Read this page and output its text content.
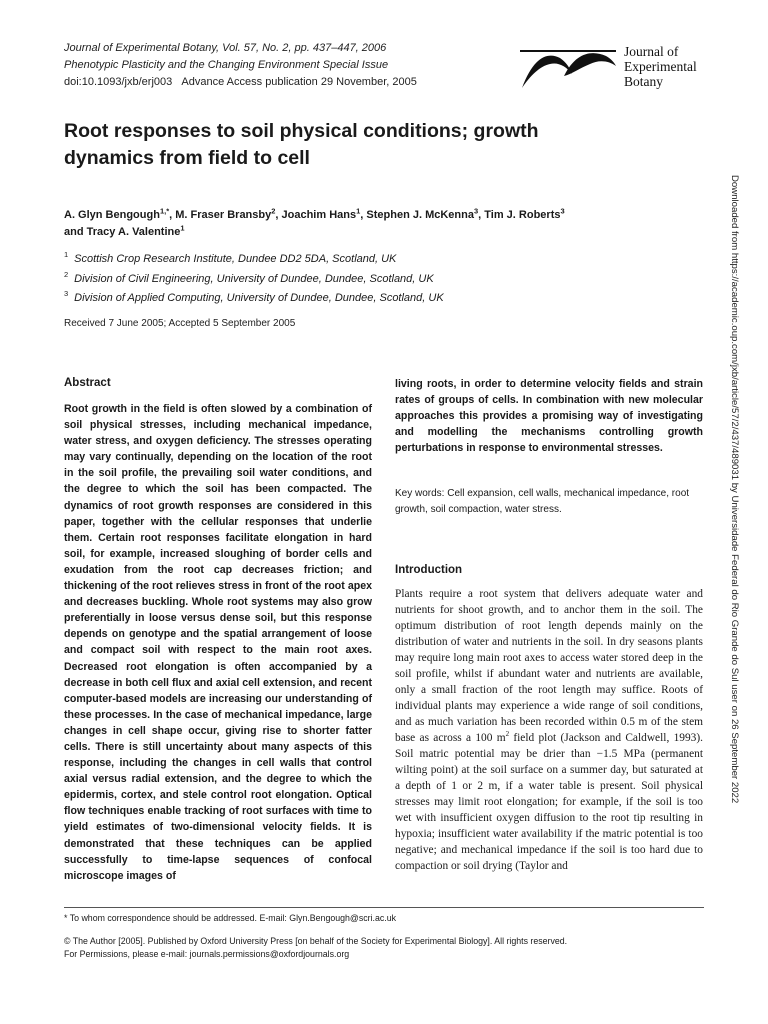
Journal of Experimental Botany, Vol. 57, No. 2, pp. 437–447, 2006
Phenotypic Plasticity and the Changing Environment Special Issue
doi:10.1093/jxb/erj003 Advance Access publication 29 November, 2005
Journal of
Experimental
Botany
Root responses to soil physical conditions; growth
dynamics from field to cell
A. Glyn Bengough$^{1,*}$, M. Fraser Bransby$^2$, Joachim Hans$^1$, Stephen J. McKenna$^3$, Tim J. Roberts$^3$
and Tracy A. Valentine$^1$
$^1$ Scottish Crop Research Institute, Dundee DD2 5DA, Scotland, UK
$^2$ Division of Civil Engineering, University of Dundee, Dundee, Scotland, UK
$^3$ Division of Applied Computing, University of Dundee, Dundee, Scotland, UK
Received 7 June 2005; Accepted 5 September 2005
Abstract
Root growth in the field is often slowed by a combination of soil physical stresses, including mechanical impedance, water stress, and oxygen deficiency. The stresses operating may vary continually, depending on the location of the root in the soil profile, the prevailing soil water conditions, and the degree to which the soil has been compacted. The dynamics of root growth responses are considered in this paper, together with the cellular responses that underlie them. Certain root responses facilitate elongation in hard soil, for example, increased sloughing of border cells and exudation from the root cap decreases friction; and thickening of the root relieves stress in front of the root apex and decreases buckling. Whole root systems may also grow preferentially in loose versus dense soil, but this response depends on genotype and the spatial arrangement of loose and compact soil with respect to the main root axes. Decreased root elongation is often accompanied by a decrease in both cell flux and axial cell extension, and recent computer-based models are increasing our understanding of these processes. In the case of mechanical impedance, large changes in cell shape occur, giving rise to shorter fatter cells. There is still uncertainty about many aspects of this response, including the changes in cell walls that control axial versus radial extension, and the degree to which the epidermis, cortex, and stele control root elongation. Optical flow techniques enable tracking of root surfaces with time to yield estimates of two-dimensional velocity fields. It is demonstrated that these techniques can be applied successfully to time-lapse sequences of confocal microscope images of
living roots, in order to determine velocity fields and strain rates of groups of cells. In combination with new molecular approaches this provides a promising way of investigating and modelling the mechanisms controlling growth perturbations in response to environmental stresses.
Key words: Cell expansion, cell walls, mechanical impedance, root growth, soil compaction, water stress.
Introduction
Plants require a root system that delivers adequate water and nutrients for shoot growth, and to anchor them in the soil. The optimum distribution of root length depends mainly on the distribution of water and nutrients in the soil. In dry seasons plants may require long main root axes to access water stored deep in the soil profile, whilst if abundant water and nutrients are available, only a small fraction of the root length may suffice. Roots of individual plants may experience a wide range of soil conditions, and as much variation has been recorded within 0.5 m of the stem base as across a 100 $m^2$ field plot (Jackson and Caldwell, 1993). Soil matric potential may be drier than −1.5 MPa (permanent wilting point) at the soil surface on a summer day, but saturated at a depth of 1 or 2 m, if a water table is present. Soil physical stresses may limit root elongation; for example, if the soil is too wet with insufficient oxygen diffusion to the root tip resulting in hypoxia; insufficient water availability if the matric potential is too negative; and mechanical impedance if the soil is too hard due to compaction or soil drying (Taylor and
* To whom correspondence should be addressed. E-mail: Glyn.Bengough@scri.ac.uk
© The Author [2005]. Published by Oxford University Press [on behalf of the Society for Experimental Biology]. All rights reserved.
For Permissions, please e-mail: journals.permissions@oxfordjournals.org
Downloaded from https://academic.oup.com/jxb/article/57/2/437/489031 by Universidade Federal do Rio Grande do Sul user on 26 September 2022
